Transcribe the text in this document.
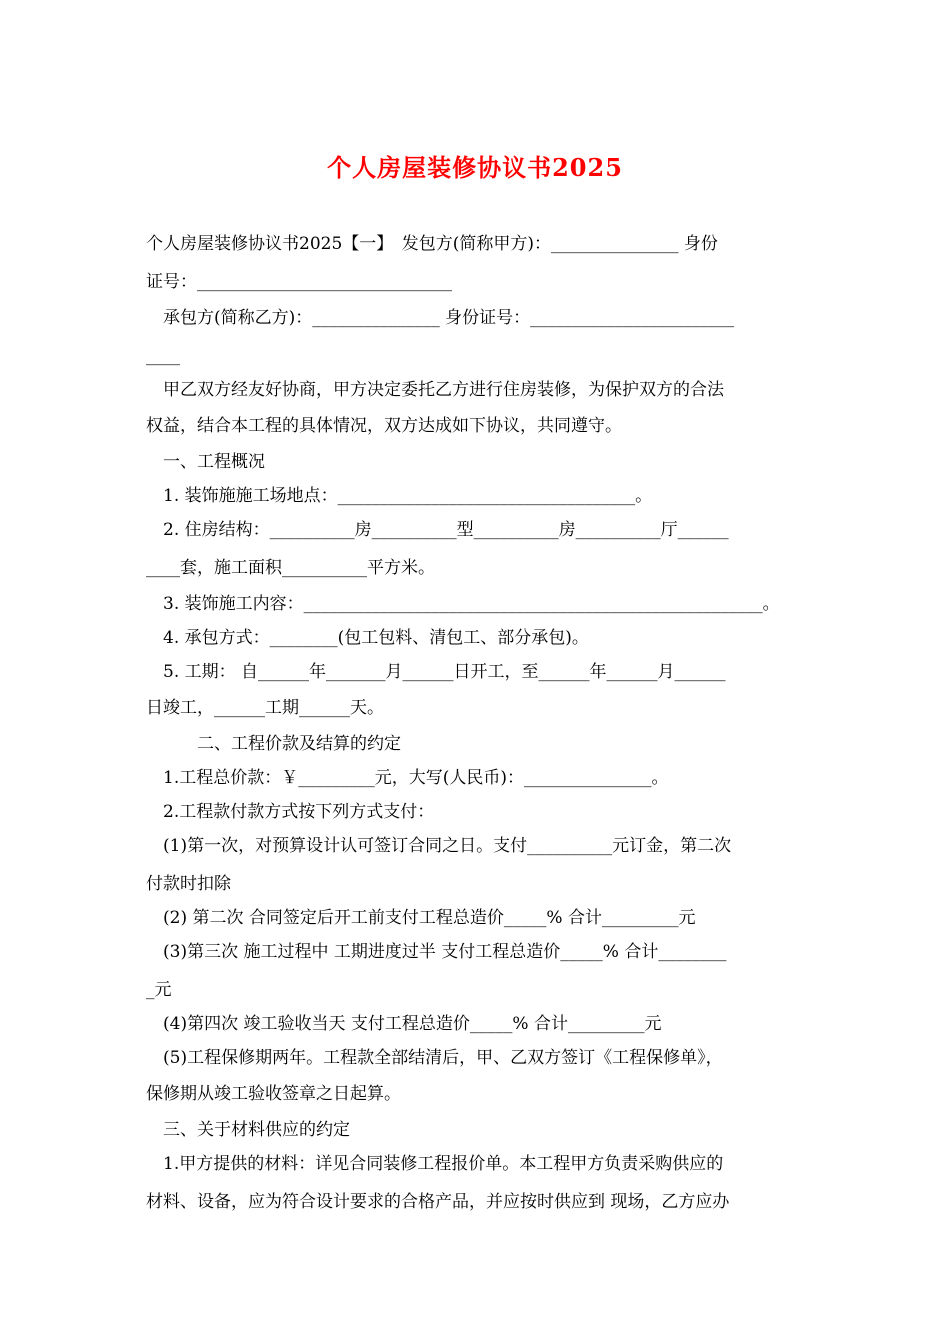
个人房屋装修协议书2025
个人房屋装修协议书2025【一】　发包方(简称甲方)：_______________ 身份
证号：______________________________
　承包方(简称乙方)：_______________ 身份证号：________________________
____
　甲乙双方经友好协商，甲方决定委托乙方进行住房装修，为保护双方的合法
权益，结合本工程的具体情况，双方达成如下协议，共同遵守。
　一、工程概况
　1. 装饰施施工场地点：___________________________________。
　2. 住房结构：__________房__________型__________房__________厅______
____套，施工面积__________平方米。
　3. 装饰施工内容：______________________________________________________。
　4. 承包方式：________(包工包料、清包工、部分承包)。
　5. 工期： 自______年_______月______日开工，至______年______月______
日竣工，______工期______天。
　　　二、工程价款及结算的约定
　1.工程总价款：￥_________元，大写(人民币)：_______________。
　2.工程款付款方式按下列方式支付：
　(1)第一次，对预算设计认可签订合同之日。支付__________元订金，第二次
付款时扣除
　(2) 第二次 合同签定后开工前支付工程总造价_____% 合计_________元
　(3)第三次 施工过程中 工期进度过半 支付工程总造价_____% 合计________
_元
　(4)第四次 竣工验收当天 支付工程总造价_____% 合计_________元
　(5)工程保修期两年。工程款全部结清后，甲、乙双方签订《工程保修单》，
保修期从竣工验收签章之日起算。
　三、关于材料供应的约定
　1.甲方提供的材料：详见合同装修工程报价单。本工程甲方负责采购供应的
材料、设备，应为符合设计要求的合格产品，并应按时供应到 现场，乙方应办
